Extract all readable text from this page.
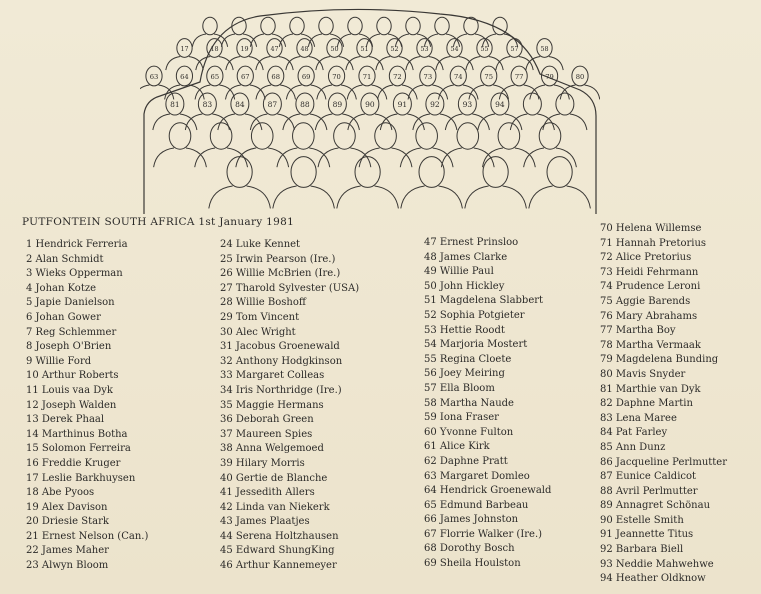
17	18	19	47	48	50	51	52	53	54	55	57	58
63	64	65	67	68	69	70	71	72	73	74	75	77	79	80
81	83	84	87	88	89	90	91	92	93	94
PUTFONTEIN SOUTH AFRICA 1st January 1981
1 Hendrick Ferreria
2 Alan Schmidt
3 Wieks Opperman
4 Johan Kotze
5 Japie Danielson
6 Johan Gower
7 Reg Schlemmer
8 Joseph O'Brien
9 Willie Ford
10 Arthur Roberts
11 Louis vaa Dyk
12 Joseph Walden
13 Derek Phaal
14 Marthinus Botha
15 Solomon Ferreira
16 Freddie Kruger
17 Leslie Barkhuysen
18 Abe Pyoos
19 Alex Davison
20 Driesie Stark
21 Ernest Nelson (Can.)
22 James Maher
23 Alwyn Bloom
24 Luke Kennet
25 Irwin Pearson (Ire.)
26 Willie McBrien (Ire.)
27 Tharold Sylvester (USA)
28 Willie Boshoff
29 Tom Vincent
30 Alec Wright
31 Jacobus Groenewald
32 Anthony Hodgkinson
33 Margaret Colleas
34 Iris Northridge (Ire.)
35 Maggie Hermans
36 Deborah Green
37 Maureen Spies
38 Anna Welgemoed
39 Hilary Morris
40 Gertie de Blanche
41 Jessedith Allers
42 Linda van Niekerk
43 James Plaatjes
44 Serena Holtzhausen
45 Edward ShungKing
46 Arthur Kannemeyer
47 Ernest Prinsloo
48 James Clarke
49 Willie Paul
50 John Hickley
51 Magdelena Slabbert
52 Sophia Potgieter
53 Hettie Roodt
54 Marjoria Mostert
55 Regina Cloete
56 Joey Meiring
57 Ella Bloom
58 Martha Naude
59 Iona Fraser
60 Yvonne Fulton
61 Alice Kirk
62 Daphne Pratt
63 Margaret Domleo
64 Hendrick Groenewald
65 Edmund Barbeau
66 James Johnston
67 Florrie Walker (Ire.)
68 Dorothy Bosch
69 Sheila Houlston
70 Helena Willemse
71 Hannah Pretorius
72 Alice Pretorius
73 Heidi Fehrmann
74 Prudence Leroni
75 Aggie Barends
76 Mary Abrahams
77 Martha Boy
78 Martha Vermaak
79 Magdelena Bunding
80 Mavis Snyder
81 Marthie van Dyk
82 Daphne Martin
83 Lena Maree
84 Pat Farley
85 Ann Dunz
86 Jacqueline Perlmutter
87 Eunice Caldicot
88 Avril Perlmutter
89 Annagret Schönau
90 Estelle Smith
91 Jeannette Titus
92 Barbara Biell
93 Neddie Mahwehwe
94 Heather Oldknow
